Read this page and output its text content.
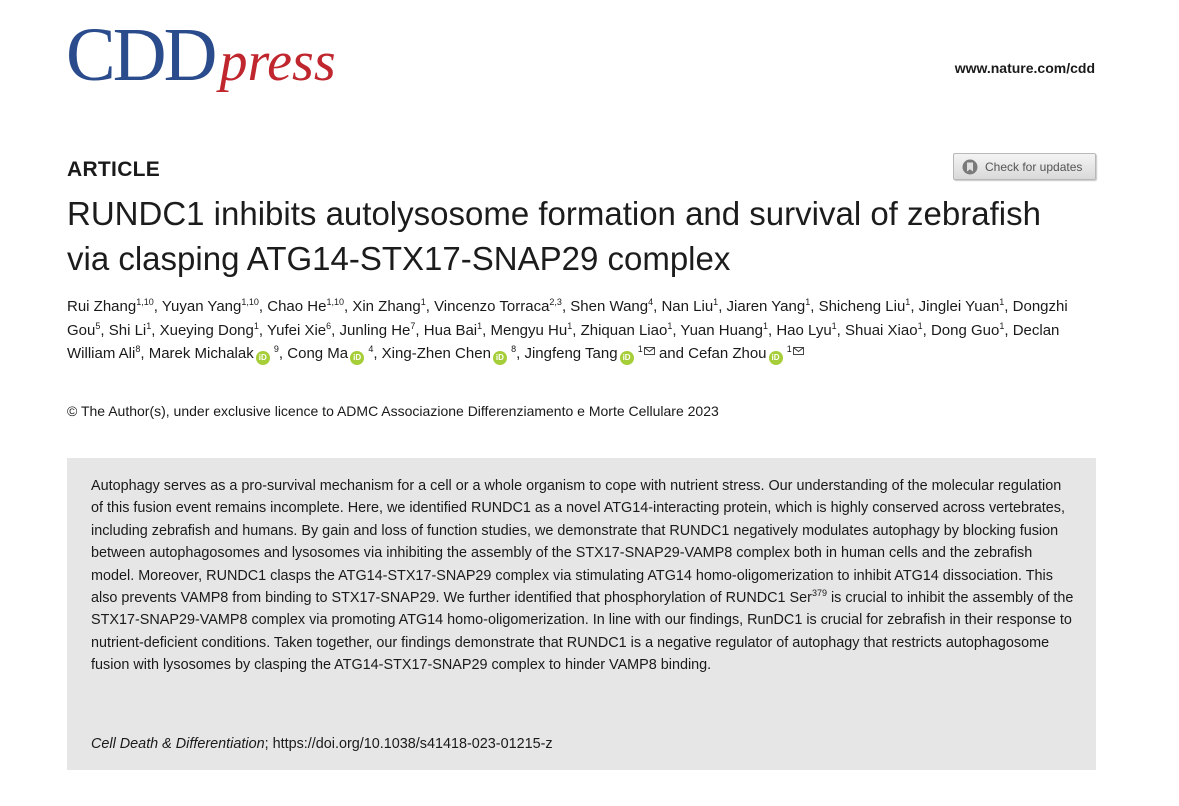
CDDpress	www.nature.com/cdd
ARTICLE	Check for updates
RUNDC1 inhibits autolysosome formation and survival of zebrafish via clasping ATG14-STX17-SNAP29 complex
Rui Zhang$^{1,10}$, Yuyan Yang$^{1,10}$, Chao He$^{1,10}$, Xin Zhang$^1$, Vincenzo Torraca$^{2,3}$, Shen Wang$^4$, Nan Liu$^1$, Jiaren Yang$^1$, Shicheng Liu$^1$, Jinglei Yuan$^1$, Dongzhi Gou$^5$, Shi Li$^1$, Xueying Dong$^1$, Yufei Xie$^6$, Junling He$^7$, Hua Bai$^1$, Mengyu Hu$^1$, Zhiquan Liao$^1$, Yuan Huang$^1$, Hao Lyu$^1$, Shuai Xiao$^1$, Dong Guo$^1$, Declan William Ali$^8$, Marek Michalak iD $^9$, Cong Ma iD $^4$, Xing-Zhen Chen iD $^8$, Jingfeng Tang iD $^1$ and Cefan Zhou iD $^1$
© The Author(s), under exclusive licence to ADMC Associazione Differenziamento e Morte Cellulare 2023

Autophagy serves as a pro-survival mechanism for a cell or a whole organism to cope with nutrient stress. Our understanding of the molecular regulation of this fusion event remains incomplete. Here, we identified RUNDC1 as a novel ATG14-interacting protein, which is highly conserved across vertebrates, including zebrafish and humans. By gain and loss of function studies, we demonstrate that RUNDC1 negatively modulates autophagy by blocking fusion between autophagosomes and lysosomes via inhibiting the assembly of the STX17-SNAP29-VAMP8 complex both in human cells and the zebrafish model. Moreover, RUNDC1 clasps the ATG14-STX17-SNAP29 complex via stimulating ATG14 homo-oligomerization to inhibit ATG14 dissociation. This also prevents VAMP8 from binding to STX17-SNAP29. We further identified that phosphorylation of RUNDC1 Ser$^{379}$ is crucial to inhibit the assembly of the STX17-SNAP29-VAMP8 complex via promoting ATG14 homo-oligomerization. In line with our findings, RunDC1 is crucial for zebrafish in their response to nutrient-deficient conditions. Taken together, our findings demonstrate that RUNDC1 is a negative regulator of autophagy that restricts autophagosome fusion with lysosomes by clasping the ATG14-STX17-SNAP29 complex to hinder VAMP8 binding.

Cell Death & Differentiation; https://doi.org/10.1038/s41418-023-01215-z
